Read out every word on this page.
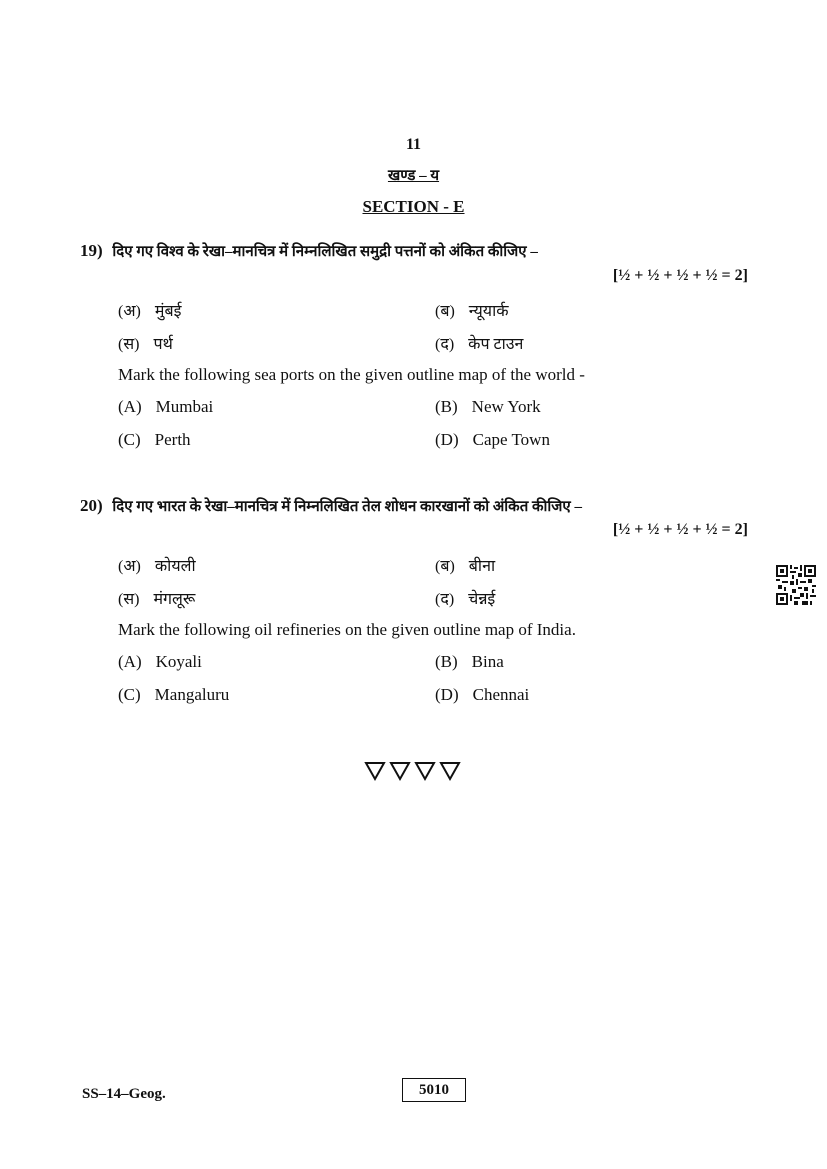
11
खण्ड – य
SECTION - E
19) दिए गए विश्व के रेखा–मानचित्र में निम्नलिखित समुद्री पत्तनों को अंकित कीजिए –
[½ + ½ + ½ + ½ = 2]
(अ) मुंबई	(ब) न्यूयार्क
(स) पर्थ	(द) केप टाउन
Mark the following sea ports on the given outline map of the world -
(A) Mumbai	(B) New York
(C) Perth	(D) Cape Town
20) दिए गए भारत के रेखा–मानचित्र में निम्नलिखित तेल शोधन कारखानों को अंकित कीजिए –
[½ + ½ + ½ + ½ = 2]
(अ) कोयली	(ब) बीना
(स) मंगलूरू	(द) चेन्नई
Mark the following oil refineries on the given outline map of India.
(A) Koyali	(B) Bina
(C) Mangaluru	(D) Chennai
SS–14–Geog.	5010
